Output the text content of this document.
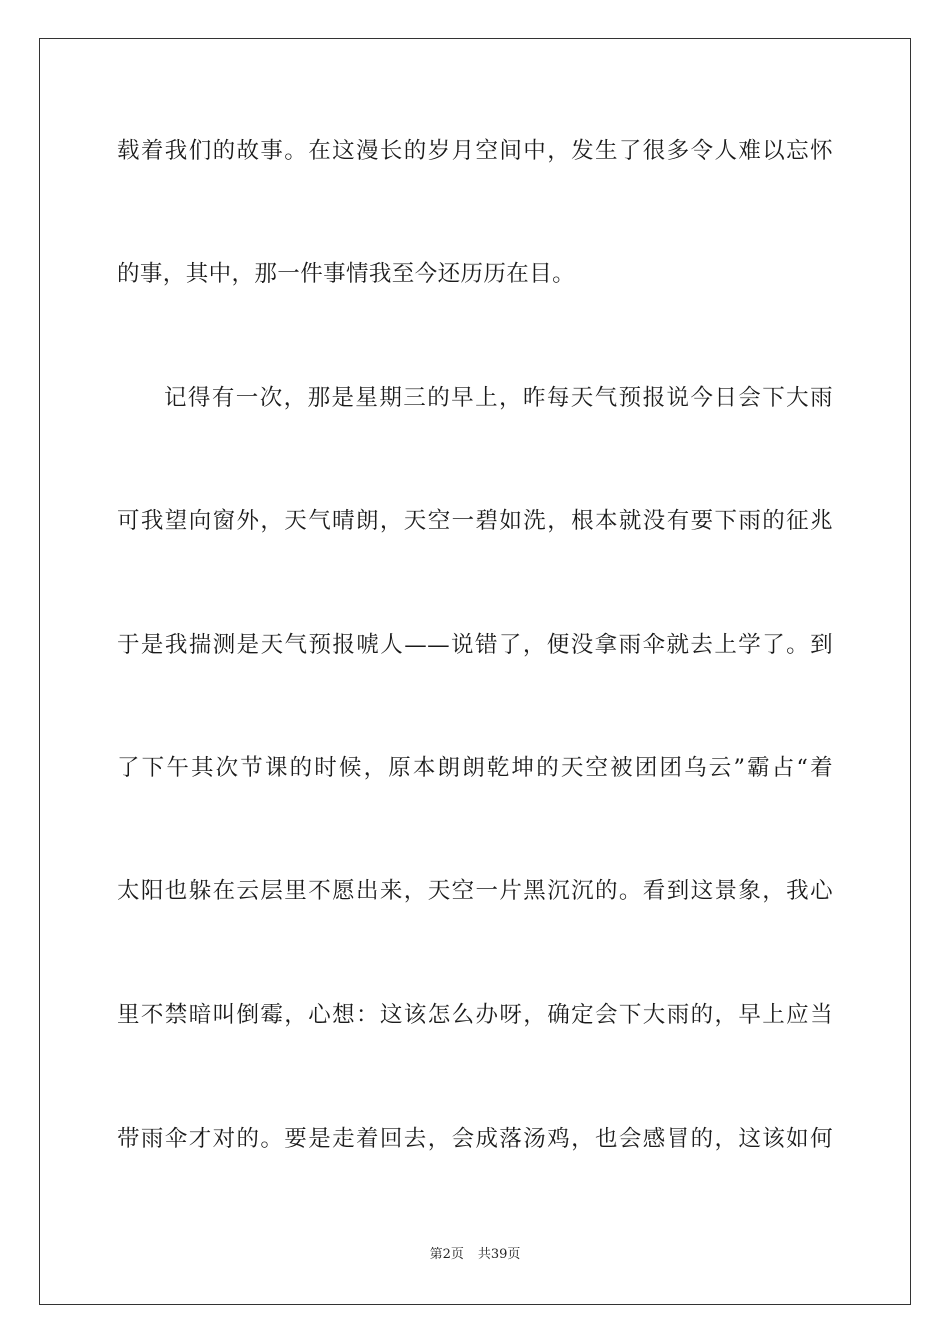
载着我们的故事。在这漫长的岁月空间中，发生了很多令人难以忘怀
的事，其中，那一件事情我至今还历历在目。
记得有一次，那是星期三的早上，昨每天气预报说今日会下大雨
可我望向窗外，天气晴朗，天空一碧如洗，根本就没有要下雨的征兆
于是我揣测是天气预报唬人——说错了，便没拿雨伞就去上学了。到
了下午其次节课的时候，原本朗朗乾坤的天空被团团乌云”霸占“着
太阳也躲在云层里不愿出来，天空一片黑沉沉的。看到这景象，我心
里不禁暗叫倒霉，心想：这该怎么办呀，确定会下大雨的，早上应当
带雨伞才对的。要是走着回去，会成落汤鸡，也会感冒的，这该如何
第2页 共39页
